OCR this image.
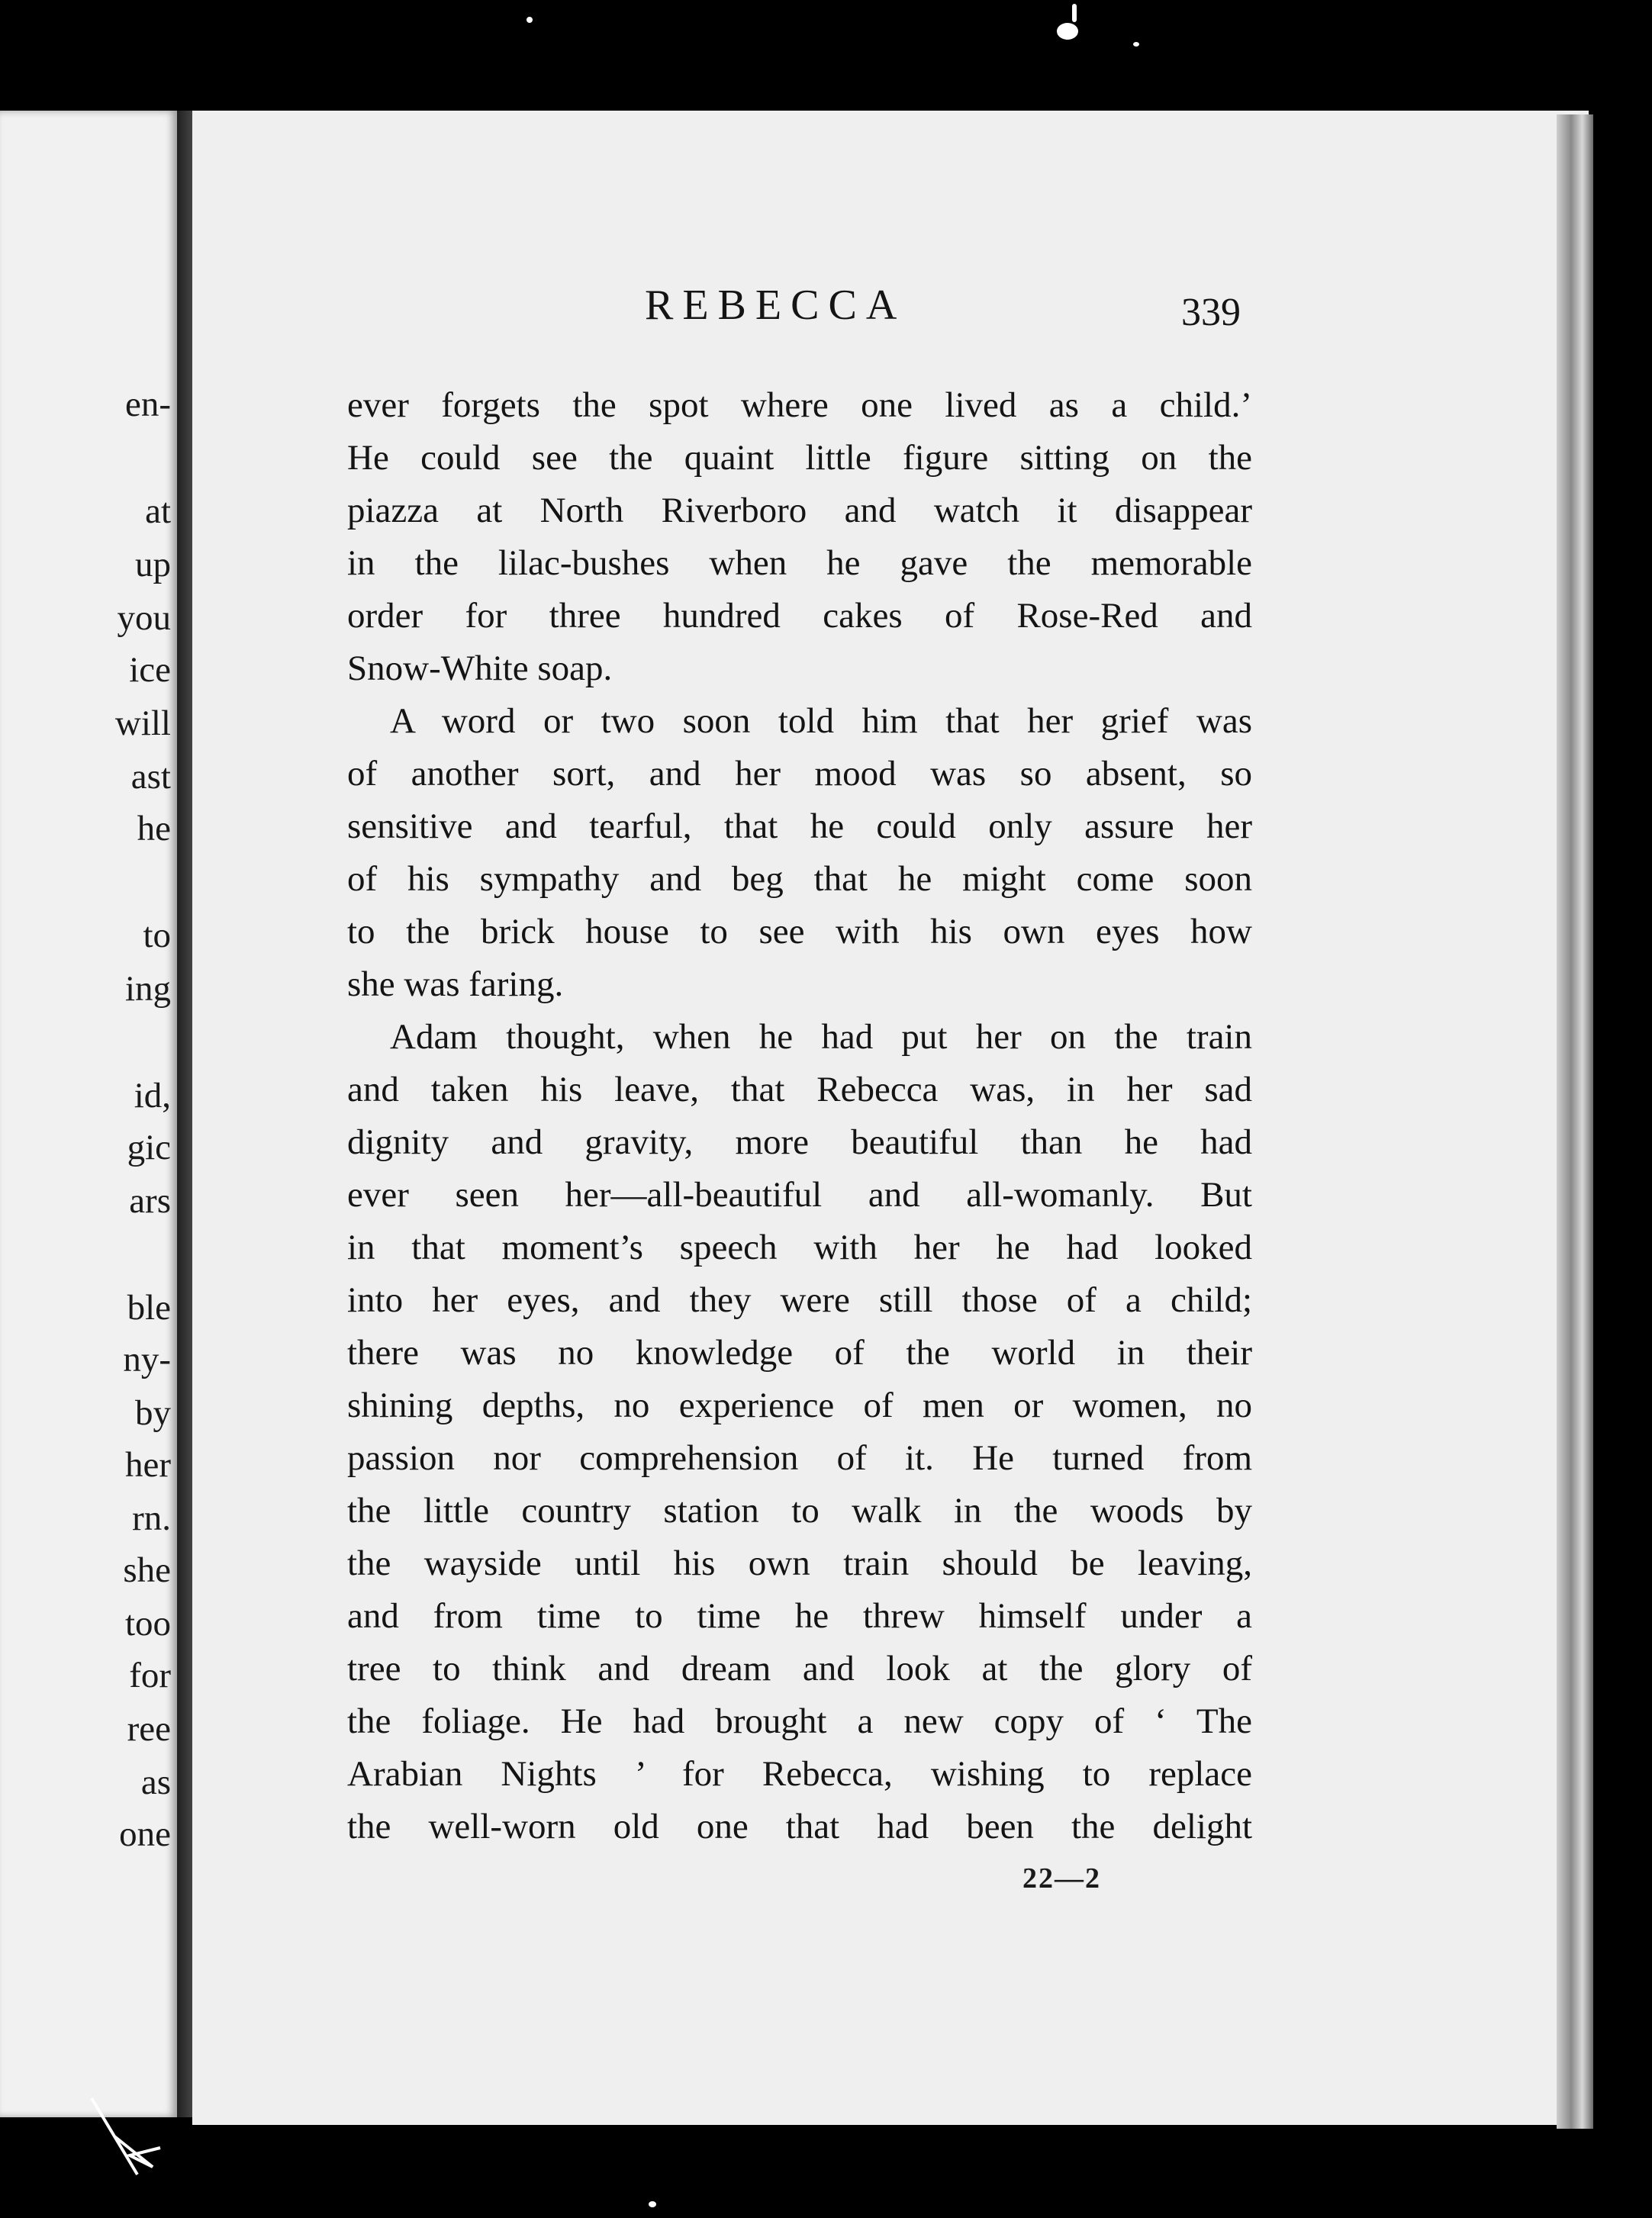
en-
at
up
you
ice
will
ast
he
to
ing
id,
gic
ars
ble
ny-
by
her
rn.
she
too
for
ree
as
one
REBECCA	339
ever forgets the spot where one lived as a child.’
He could see the quaint little figure sitting on the
piazza at North Riverboro and watch it disappear
in the lilac-bushes when he gave the memorable
order for three hundred cakes of Rose-Red and
Snow-White soap.
A word or two soon told him that her grief was
of another sort, and her mood was so absent, so
sensitive and tearful, that he could only assure her
of his sympathy and beg that he might come soon
to the brick house to see with his own eyes how
she was faring.
Adam thought, when he had put her on the train
and taken his leave, that Rebecca was, in her sad
dignity and gravity, more beautiful than he had
ever seen her—all-beautiful and all-womanly. But
in that moment’s speech with her he had looked
into her eyes, and they were still those of a child;
there was no knowledge of the world in their
shining depths, no experience of men or women, no
passion nor comprehension of it. He turned from
the little country station to walk in the woods by
the wayside until his own train should be leaving,
and from time to time he threw himself under a
tree to think and dream and look at the glory of
the foliage. He had brought a new copy of ‘ The
Arabian Nights ’ for Rebecca, wishing to replace
the well-worn old one that had been the delight
22—2
